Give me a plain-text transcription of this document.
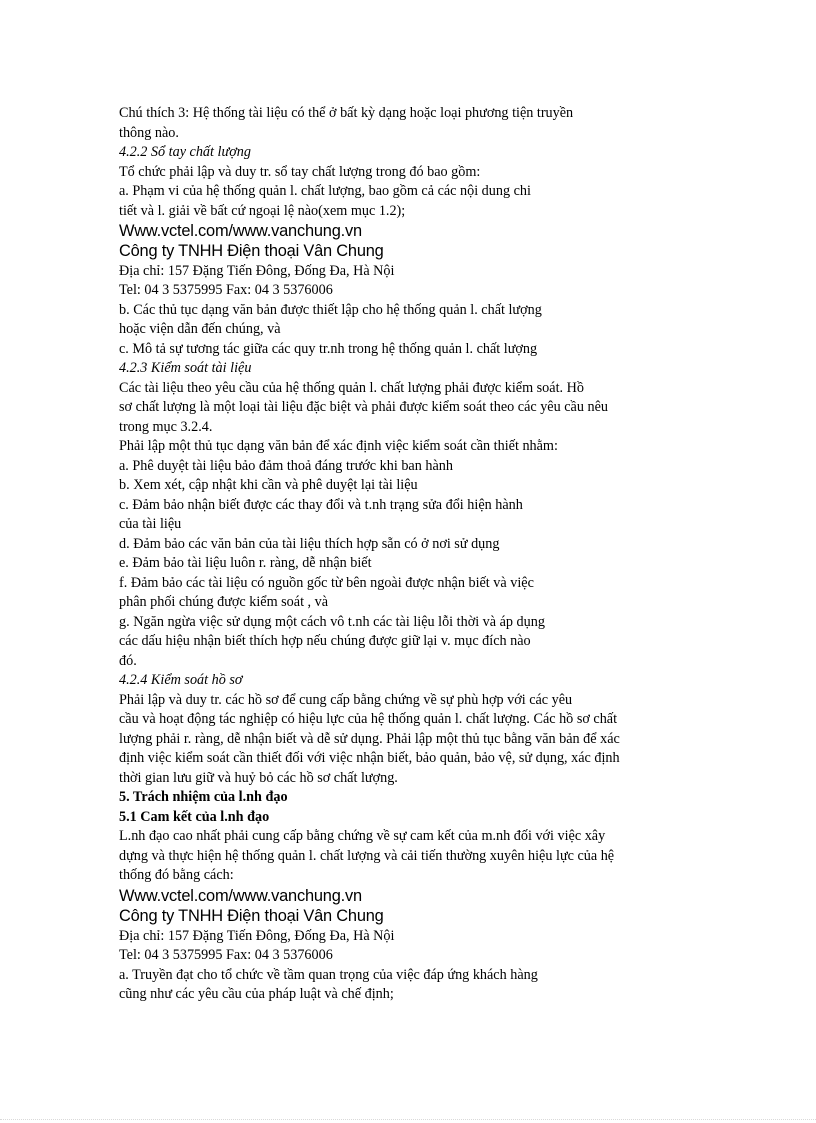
Chú thích 3: Hệ thống tài liệu có thể ở bất kỳ dạng hoặc loại phương tiện truyền
thông nào.
4.2.2 Sổ tay chất lượng
Tổ chức phải lập và duy tr. sổ tay chất lượng trong đó bao gồm:
a. Phạm vi của hệ thống quản l. chất lượng, bao gồm cả các nội dung chi
tiết và l. giải về bất cứ ngoại lệ nào(xem mục 1.2);
Www.vctel.com/www.vanchung.vn
Công ty TNHH Điện thoại Vân Chung
Địa chỉ: 157 Đặng Tiến Đông, Đống Đa, Hà Nội
Tel: 04 3 5375995 Fax: 04 3 5376006
b. Các thủ tục dạng văn bản được thiết lập cho hệ thống quản l. chất lượng
hoặc viện dẫn đến chúng, và
c. Mô tả sự tương tác giữa các quy tr.nh trong hệ thống quản l. chất lượng
4.2.3 Kiểm soát tài liệu
Các tài liệu theo yêu cầu của hệ thống quản l. chất lượng phải được kiểm soát. Hồ
sơ chất lượng là một loại tài liệu đặc biệt và phải được kiểm soát theo các yêu cầu nêu
trong mục 3.2.4.
Phải lập một thủ tục dạng văn bản để xác định việc kiểm soát cần thiết nhằm:
a. Phê duyệt tài liệu bảo đảm thoả đáng trước khi ban hành
b. Xem xét, cập nhật khi cần và phê duyệt lại tài liệu
c. Đảm bảo nhận biết được các thay đổi và t.nh trạng sửa đổi hiện hành
của tài liệu
d. Đảm bảo các văn bản của tài liệu thích hợp sẵn có ở nơi sử dụng
e. Đảm bảo tài liệu luôn r. ràng, dễ nhận biết
f. Đảm bảo các tài liệu có nguồn gốc từ bên ngoài được nhận biết và việc
phân phối chúng được kiểm soát , và
g. Ngăn ngừa việc sử dụng một cách vô t.nh các tài liệu lỗi thời và áp dụng
các dấu hiệu nhận biết thích hợp nếu chúng được giữ lại v. mục đích nào
đó.
4.2.4 Kiểm soát hồ sơ
Phải lập và duy tr. các hồ sơ để cung cấp bằng chứng về sự phù hợp với các yêu
cầu và hoạt động tác nghiệp có hiệu lực của hệ thống quản l. chất lượng. Các hồ sơ chất
lượng phải r. ràng, dễ nhận biết và dễ sử dụng. Phải lập một thủ tục bằng văn bản để xác
định việc kiểm soát cần thiết đối với việc nhận biết, bảo quản, bảo vệ, sử dụng, xác định
thời gian lưu giữ và huỷ bỏ các hồ sơ chất lượng.
5. Trách nhiệm của l.nh đạo
5.1 Cam kết của l.nh đạo
L.nh đạo cao nhất phải cung cấp bằng chứng về sự cam kết của m.nh đối với việc xây
dựng và thực hiện hệ thống quản l. chất lượng và cải tiến thường xuyên hiệu lực của hệ
thống đó bằng cách:
Www.vctel.com/www.vanchung.vn
Công ty TNHH Điện thoại Vân Chung
Địa chỉ: 157 Đặng Tiến Đông, Đống Đa, Hà Nội
Tel: 04 3 5375995 Fax: 04 3 5376006
a. Truyền đạt cho tổ chức về tầm quan trọng của việc đáp ứng khách hàng
cũng như các yêu cầu của pháp luật và chế định;
